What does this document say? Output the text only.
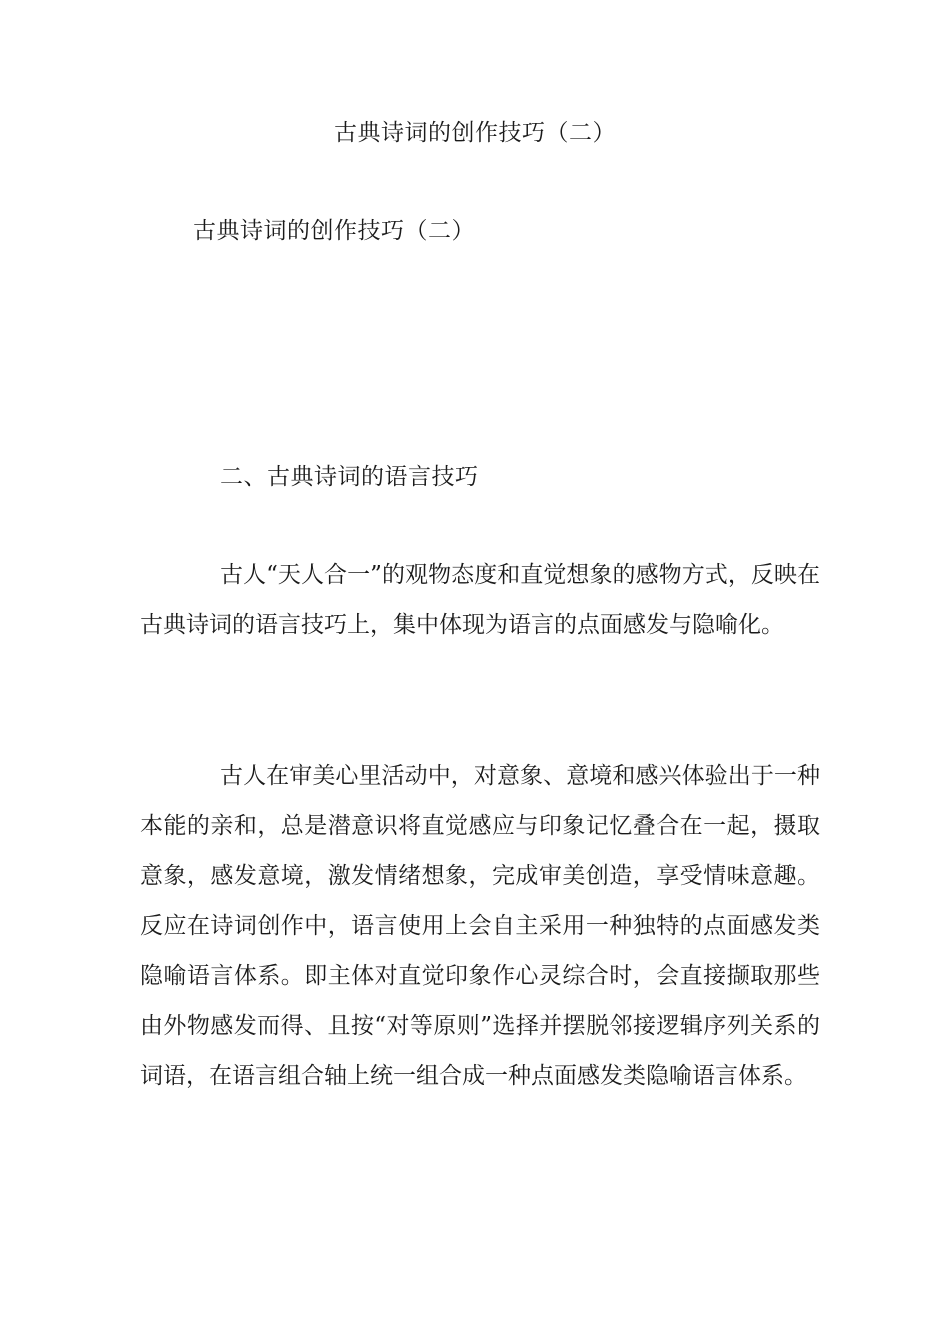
古典诗词的创作技巧（二）
古典诗词的创作技巧（二）
二、古典诗词的语言技巧

古人“天人合一”的观物态度和直觉想象的感物方式，反映在古典诗词的语言技巧上，集中体现为语言的点面感发与隐喻化。

古人在审美心里活动中，对意象、意境和感兴体验出于一种本能的亲和，总是潜意识将直觉感应与印象记忆叠合在一起，摄取意象，感发意境，激发情绪想象，完成审美创造，享受情味意趣。反应在诗词创作中，语言使用上会自主采用一种独特的点面感发类隐喻语言体系。即主体对直觉印象作心灵综合时，会直接撷取那些由外物感发而得、且按“对等原则”选择并摆脱邻接逻辑序列关系的词语，在语言组合轴上统一组合成一种点面感发类隐喻语言体系。
